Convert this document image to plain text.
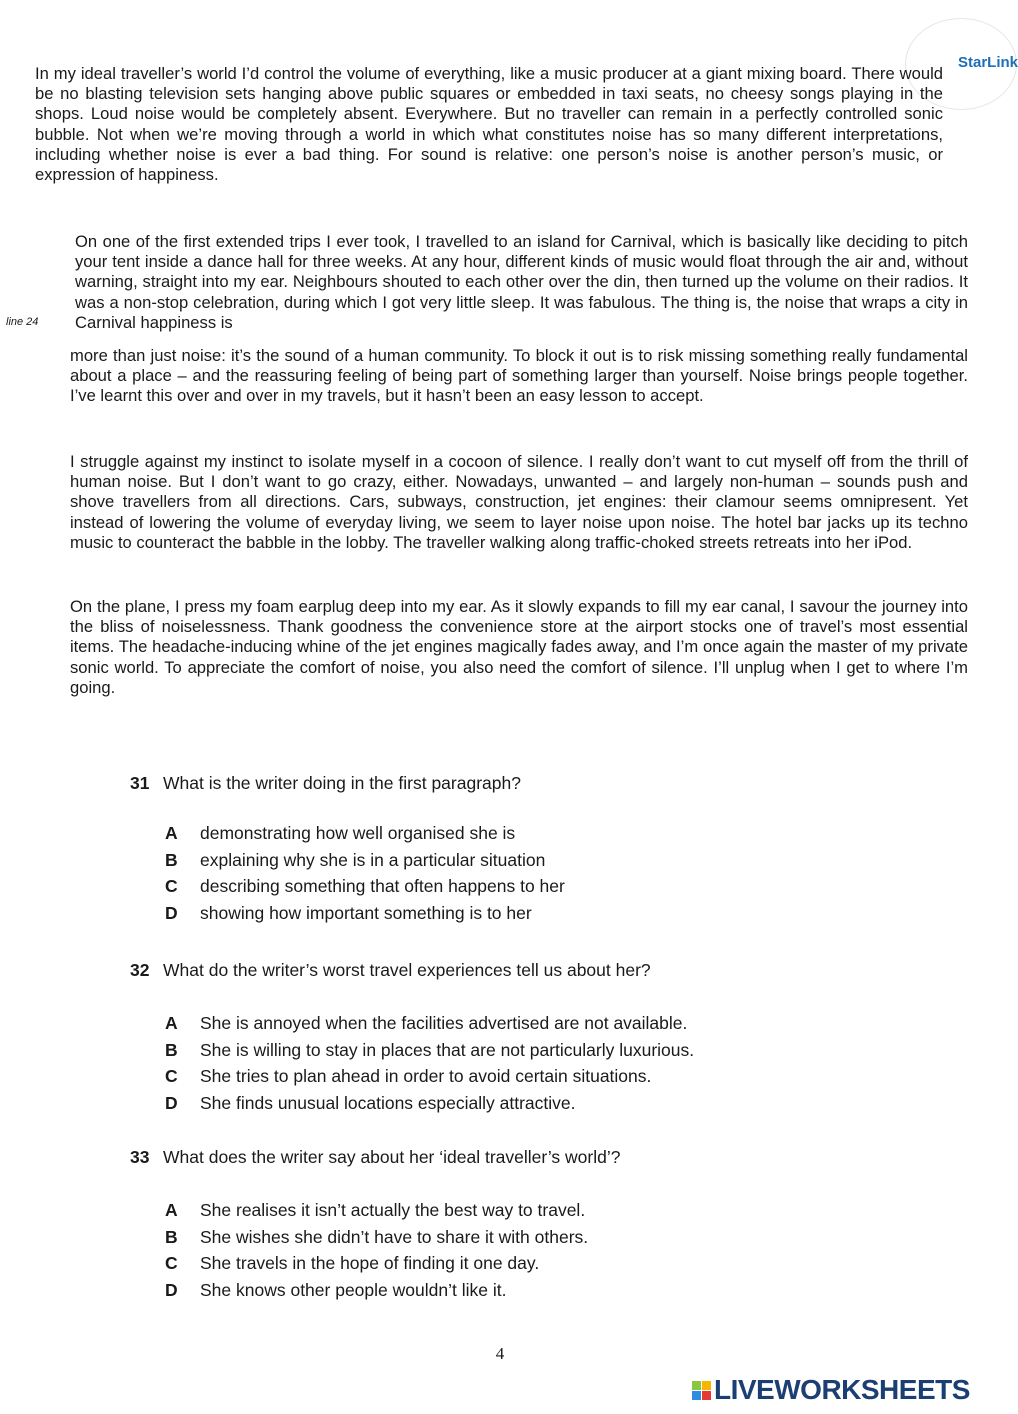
StarLink
In my ideal traveller’s world I’d control the volume of everything, like a music producer at a giant mixing board. There would be no blasting television sets hanging above public squares or embedded in taxi seats, no cheesy songs playing in the shops. Loud noise would be completely absent. Everywhere. But no traveller can remain in a perfectly controlled sonic bubble. Not when we’re moving through a world in which what constitutes noise has so many different interpretations, including whether noise is ever a bad thing. For sound is relative: one person’s noise is another person’s music, or expression of happiness.
On one of the first extended trips I ever took, I travelled to an island for Carnival, which is basically like deciding to pitch your tent inside a dance hall for three weeks. At any hour, different kinds of music would float through the air and, without warning, straight into my ear. Neighbours shouted to each other over the din, then turned up the volume on their radios. It was a non-stop celebration, during which I got very little sleep. It was fabulous. The thing is, the noise that wraps a city in Carnival happiness is
line 24
more than just noise: it’s the sound of a human community. To block it out is to risk missing something really fundamental about a place – and the reassuring feeling of being part of something larger than yourself. Noise brings people together. I’ve learnt this over and over in my travels, but it hasn’t been an easy lesson to accept.
I struggle against my instinct to isolate myself in a cocoon of silence. I really don’t want to cut myself off from the thrill of human noise. But I don’t want to go crazy, either. Nowadays, unwanted – and largely non-human – sounds push and shove travellers from all directions. Cars, subways, construction, jet engines: their clamour seems omnipresent. Yet instead of lowering the volume of everyday living, we seem to layer noise upon noise. The hotel bar jacks up its techno music to counteract the babble in the lobby. The traveller walking along traffic-choked streets retreats into her iPod.
On the plane, I press my foam earplug deep into my ear. As it slowly expands to fill my ear canal, I savour the journey into the bliss of noiselessness. Thank goodness the convenience store at the airport stocks one of travel’s most essential items. The headache-inducing whine of the jet engines magically fades away, and I’m once again the master of my private sonic world. To appreciate the comfort of noise, you also need the comfort of silence. I’ll unplug when I get to where I’m going.
31 What is the writer doing in the first paragraph?
A demonstrating how well organised she is
B explaining why she is in a particular situation
C describing something that often happens to her
D showing how important something is to her
32 What do the writer’s worst travel experiences tell us about her?
A She is annoyed when the facilities advertised are not available.
B She is willing to stay in places that are not particularly luxurious.
C She tries to plan ahead in order to avoid certain situations.
D She finds unusual locations especially attractive.
33 What does the writer say about her ‘ideal traveller’s world’?
A She realises it isn’t actually the best way to travel.
B She wishes she didn’t have to share it with others.
C She travels in the hope of finding it one day.
D She knows other people wouldn’t like it.
4
LIVEWORKSHEETS
